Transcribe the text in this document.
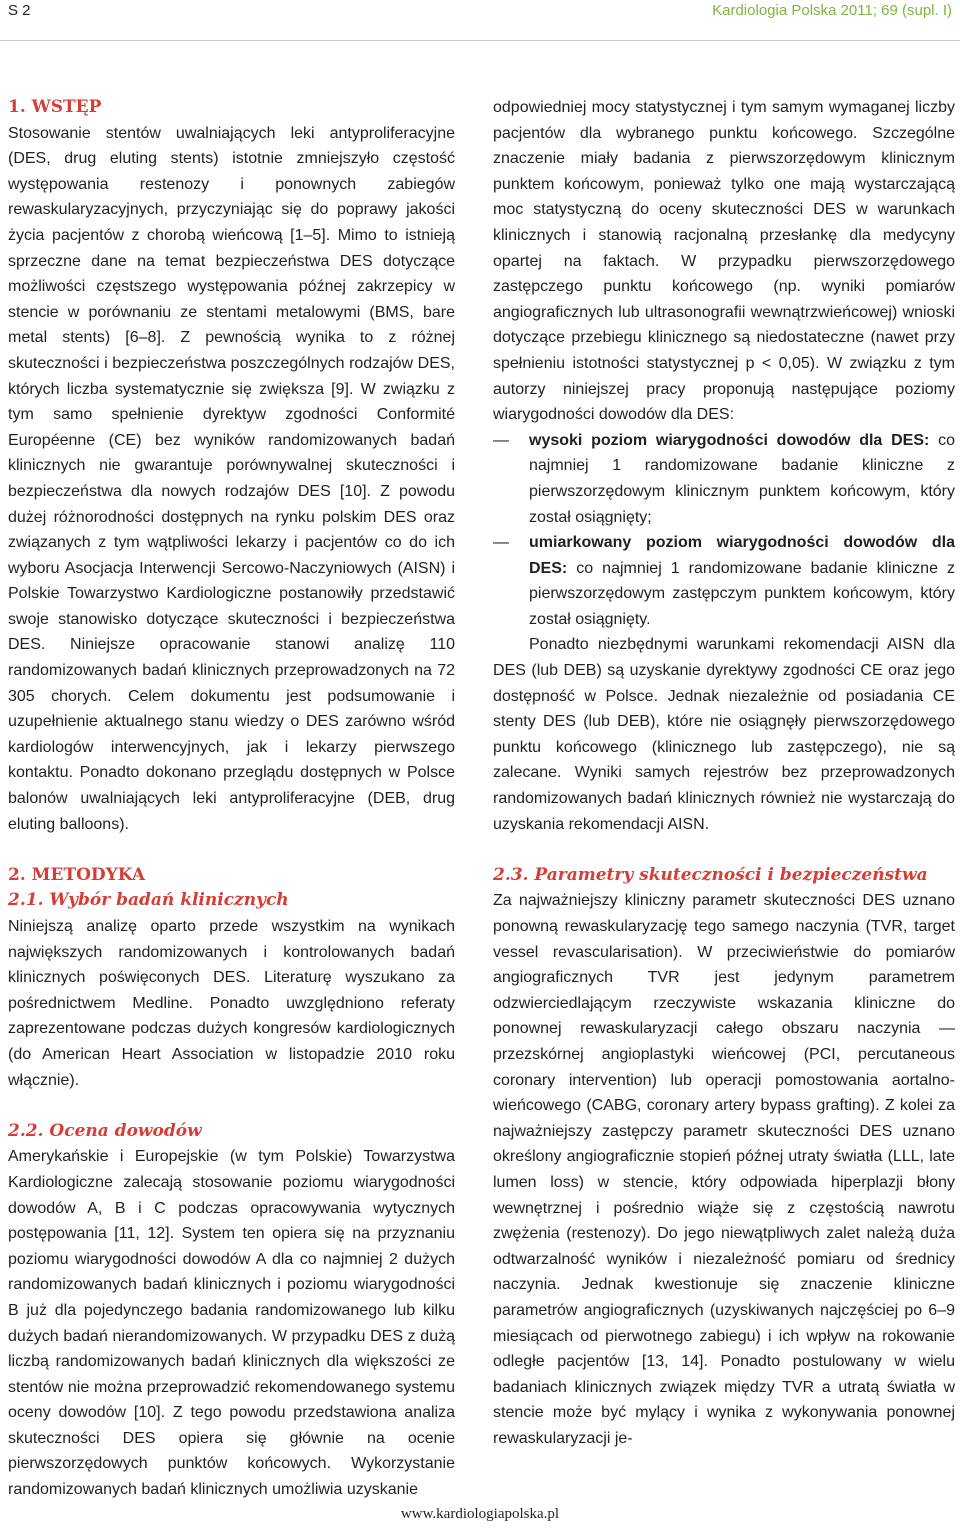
S 2	Kardiologia Polska 2011; 69 (supl. I)
1. WSTĘP

Stosowanie stentów uwalniających leki antyproliferacyjne (DES, drug eluting stents) istotnie zmniejszyło częstość występowania restenozy i ponownych zabiegów rewaskularyzacyjnych, przyczyniając się do poprawy jakości życia pacjentów z chorobą wieńcową [1–5]. Mimo to istnieją sprzeczne dane na temat bezpieczeństwa DES dotyczące możliwości częstszego występowania późnej zakrzepicy w stencie w porównaniu ze stentami metalowymi (BMS, bare metal stents) [6–8]. Z pewnością wynika to z różnej skuteczności i bezpieczeństwa poszczególnych rodzajów DES, których liczba systematycznie się zwiększa [9]. W związku z tym samo spełnienie dyrektyw zgodności Conformité Européenne (CE) bez wyników randomizowanych badań klinicznych nie gwarantuje porównywalnej skuteczności i bezpieczeństwa dla nowych rodzajów DES [10]. Z powodu dużej różnorodności dostępnych na rynku polskim DES oraz związanych z tym wątpliwości lekarzy i pacjentów co do ich wyboru Asocjacja Interwencji Sercowo-Naczyniowych (AISN) i Polskie Towarzystwo Kardiologiczne postanowiły przedstawić swoje stanowisko dotyczące skuteczności i bezpieczeństwa DES. Niniejsze opracowanie stanowi analizę 110 randomizowanych badań klinicznych przeprowadzonych na 72 305 chorych. Celem dokumentu jest podsumowanie i uzupełnienie aktualnego stanu wiedzy o DES zarówno wśród kardiologów interwencyjnych, jak i lekarzy pierwszego kontaktu. Ponadto dokonano przeglądu dostępnych w Polsce balonów uwalniających leki antyproliferacyjne (DEB, drug eluting balloons).

2. METODYKA
2.1. Wybór badań klinicznych

Niniejszą analizę oparto przede wszystkim na wynikach największych randomizowanych i kontrolowanych badań klinicznych poświęconych DES. Literaturę wyszukano za pośrednictwem Medline. Ponadto uwzględniono referaty zaprezentowane podczas dużych kongresów kardiologicznych (do American Heart Association w listopadzie 2010 roku włącznie).

2.2. Ocena dowodów

Amerykańskie i Europejskie (w tym Polskie) Towarzystwa Kardiologiczne zalecają stosowanie poziomu wiarygodności dowodów A, B i C podczas opracowywania wytycznych postępowania [11, 12]. System ten opiera się na przyznaniu poziomu wiarygodności dowodów A dla co najmniej 2 dużych randomizowanych badań klinicznych i poziomu wiarygodności B już dla pojedynczego badania randomizowanego lub kilku dużych badań nierandomizowanych. W przypadku DES z dużą liczbą randomizowanych badań klinicznych dla większości ze stentów nie można przeprowadzić rekomendowanego systemu oceny dowodów [10]. Z tego powodu przedstawiona analiza skuteczności DES opiera się głównie na ocenie pierwszorzędowych punktów końcowych. Wykorzystanie randomizowanych badań klinicznych umożliwia uzyskanie

odpowiedniej mocy statystycznej i tym samym wymaganej liczby pacjentów dla wybranego punktu końcowego. Szczególne znaczenie miały badania z pierwszorzędowym klinicznym punktem końcowym, ponieważ tylko one mają wystarczającą moc statystyczną do oceny skuteczności DES w warunkach klinicznych i stanowią racjonalną przesłankę dla medycyny opartej na faktach. W przypadku pierwszorzędowego zastępczego punktu końcowego (np. wyniki pomiarów angiograficznych lub ultrasonografii wewnątrzwieńcowej) wnioski dotyczące przebiegu klinicznego są niedostateczne (nawet przy spełnieniu istotności statystycznej p < 0,05). W związku z tym autorzy niniejszej pracy proponują następujące poziomy wiarygodności dowodów dla DES:

— wysoki poziom wiarygodności dowodów dla DES: co najmniej 1 randomizowane badanie kliniczne z pierwszorzędowym klinicznym punktem końcowym, który został osiągnięty;
— umiarkowany poziom wiarygodności dowodów dla DES: co najmniej 1 randomizowane badanie kliniczne z pierwszorzędowym zastępczym punktem końcowym, który został osiągnięty.

Ponadto niezbędnymi warunkami rekomendacji AISN dla DES (lub DEB) są uzyskanie dyrektywy zgodności CE oraz jego dostępność w Polsce. Jednak niezależnie od posiadania CE stenty DES (lub DEB), które nie osiągnęły pierwszorzędowego punktu końcowego (klinicznego lub zastępczego), nie są zalecane. Wyniki samych rejestrów bez przeprowadzonych randomizowanych badań klinicznych również nie wystarczają do uzyskania rekomendacji AISN.

2.3. Parametry skuteczności i bezpieczeństwa

Za najważniejszy kliniczny parametr skuteczności DES uznano ponowną rewaskularyzację tego samego naczynia (TVR, target vessel revascularisation). W przeciwieństwie do pomiarów angiograficznych TVR jest jedynym parametrem odzwierciedlającym rzeczywiste wskazania kliniczne do ponownej rewaskularyzacji całego obszaru naczynia — przezskórnej angioplastyki wieńcowej (PCI, percutaneous coronary intervention) lub operacji pomostowania aortalno-wieńcowego (CABG, coronary artery bypass grafting). Z kolei za najważniejszy zastępczy parametr skuteczności DES uznano określony angiograficznie stopień późnej utraty światła (LLL, late lumen loss) w stencie, który odpowiada hiperplazji błony wewnętrznej i pośrednio wiąże się z częstością nawrotu zwężenia (restenozy). Do jego niewątpliwych zalet należą duża odtwarzalność wyników i niezależność pomiaru od średnicy naczynia. Jednak kwestionuje się znaczenie kliniczne parametrów angiograficznych (uzyskiwanych najczęściej po 6–9 miesiącach od pierwotnego zabiegu) i ich wpływ na rokowanie odległe pacjentów [13, 14]. Ponadto postulowany w wielu badaniach klinicznych związek między TVR a utratą światła w stencie może być mylący i wynika z wykonywania ponownej rewaskularyzacji je-

www.kardiologiapolska.pl
